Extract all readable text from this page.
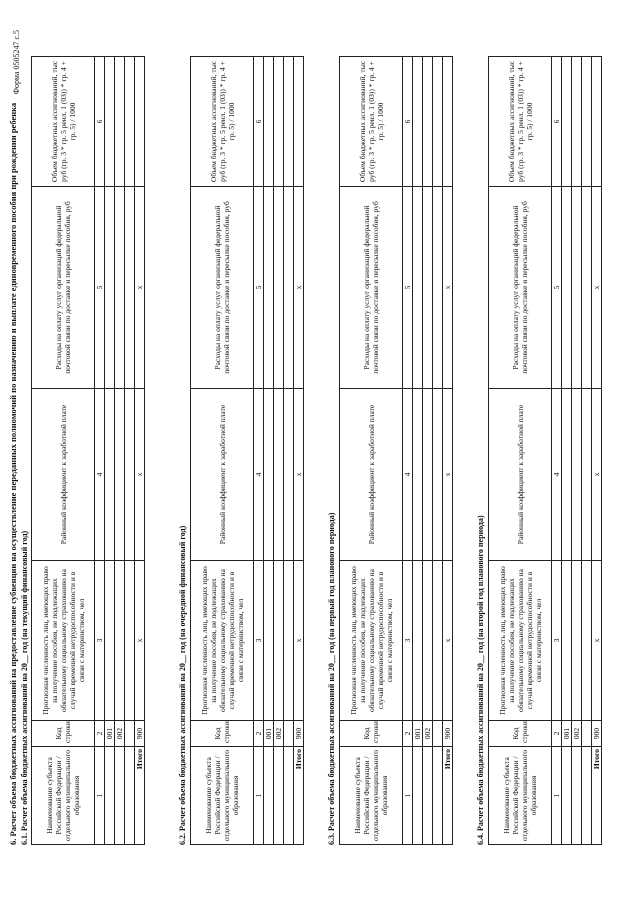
Форма 0505247 с.5
6. Расчет объема бюджетных ассигнований на предоставление субвенции на осуществление переданных полномочий по назначению и выплате единовременного пособия при рождении ребенка 6.1. Расчет объема бюджетных ассигнований на 20__ год (на текущий финансовый год) Наименование субъекта Российской Федерации / отдельного муниципального образования	Код строки	Прогнозная численность лиц, имеющих право на получение пособия, не подлежащих обязательному социальному страхованию на случай временной нетрудоспособности и в связи с материнством, чел	Районный коэффициент к заработной плате	Расходы на оплату услуг организаций федеральной почтовой связи по доставке и пересылке пособия, руб	Объем бюджетных ассигнований, тыс руб (гр. 3 * гр. 5 реил. 1 (03)) * гр. 4 + гр. 5) / 1000
1	2	3	4	5	6
	001				
	002				

Итого	900	x	x	x	
6.2. Расчет объема бюджетных ассигнований на 20__ год (на очередной финансовый год) Наименование субъекта Российской Федерации / отдельного муниципального образования	Код строки	Прогнозная численность лиц, имеющих право на получение пособия, не подлежащих обязательному социальному страхованию на случай временной нетрудоспособности и в связи с материнством, чел	Районный коэффициент к заработной плате	Расходы на оплату услуг организаций федеральной почтовой связи по доставке и пересылке пособия, руб	Объем бюджетных ассигнований, тыс руб (гр. 3 * гр. 5 реил. 1 (03)) * гр. 4 + гр. 5) / 1000
1	2	3	4	5	6
	001				
	002				

Итого	900	x	x	x	
6.3. Расчет объема бюджетных ассигнований на 20__ год (на первый год планового периода) Наименование субъекта Российской Федерации / отдельного муниципального образования	Код строки	Прогнозная численность лиц, имеющих право на получение пособия, не подлежащих обязательному социальному страхованию на случай временной нетрудоспособности и в связи с материнством, чел	Районный коэффициент к заработной плате	Расходы на оплату услуг организаций федеральной почтовой связи по доставке и пересылке пособия, руб	Объем бюджетных ассигнований, тыс руб (гр. 3 * гр. 5 реил. 1 (03)) * гр. 4 + гр. 5) / 1000
1	2	3	4	5	6
	001				
	002				

Итого	900	x	x	x	
6.4. Расчет объема бюджетных ассигнований на 20__ год (на второй год планового периода) Наименование субъекта Российской Федерации / отдельного муниципального образования	Код строки	Прогнозная численность лиц, имеющих право на получение пособия, не подлежащих обязательному социальному страхованию на случай временной нетрудоспособности и в связи с материнством, чел	Районный коэффициент к заработной плате	Расходы на оплату услуг организаций федеральной почтовой связи по доставке и пересылке пособия, руб	Объем бюджетных ассигнований, тыс руб (гр. 3 * гр. 5 реил. 1 (03)) * гр. 4 + гр. 5) / 1000
1	2	3	4	5	6
	001				
	002				

Итого	900	x	x	x	
